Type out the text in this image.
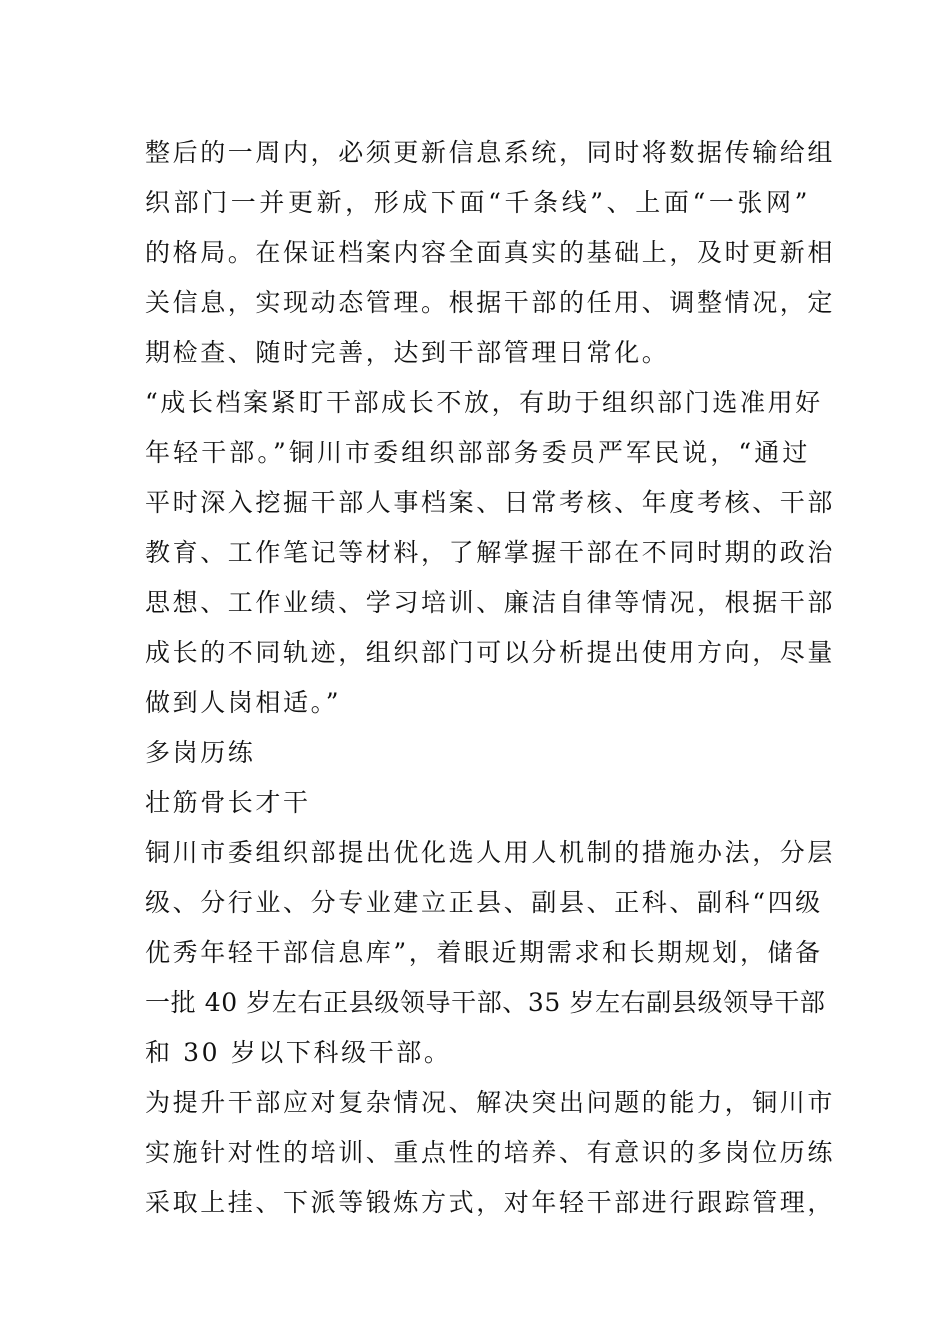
整后的一周内，必须更新信息系统，同时将数据传输给组
织部门一并更新，形成下面“千条线”、上面“一张网”
的格局。在保证档案内容全面真实的基础上，及时更新相
关信息，实现动态管理。根据干部的任用、调整情况，定
期检查、随时完善，达到干部管理日常化。
“成长档案紧盯干部成长不放，有助于组织部门选准用好
年轻干部。”铜川市委组织部部务委员严军民说，“通过
平时深入挖掘干部人事档案、日常考核、年度考核、干部
教育、工作笔记等材料，了解掌握干部在不同时期的政治
思想、工作业绩、学习培训、廉洁自律等情况，根据干部
成长的不同轨迹，组织部门可以分析提出使用方向，尽量
做到人岗相适。”
多岗历练
壮筋骨长才干
铜川市委组织部提出优化选人用人机制的措施办法，分层
级、分行业、分专业建立正县、副县、正科、副科“四级
优秀年轻干部信息库”，着眼近期需求和长期规划，储备
一批 40 岁左右正县级领导干部、35 岁左右副县级领导干部
和 30 岁以下科级干部。
为提升干部应对复杂情况、解决突出问题的能力，铜川市
实施针对性的培训、重点性的培养、有意识的多岗位历练
采取上挂、下派等锻炼方式，对年轻干部进行跟踪管理，
